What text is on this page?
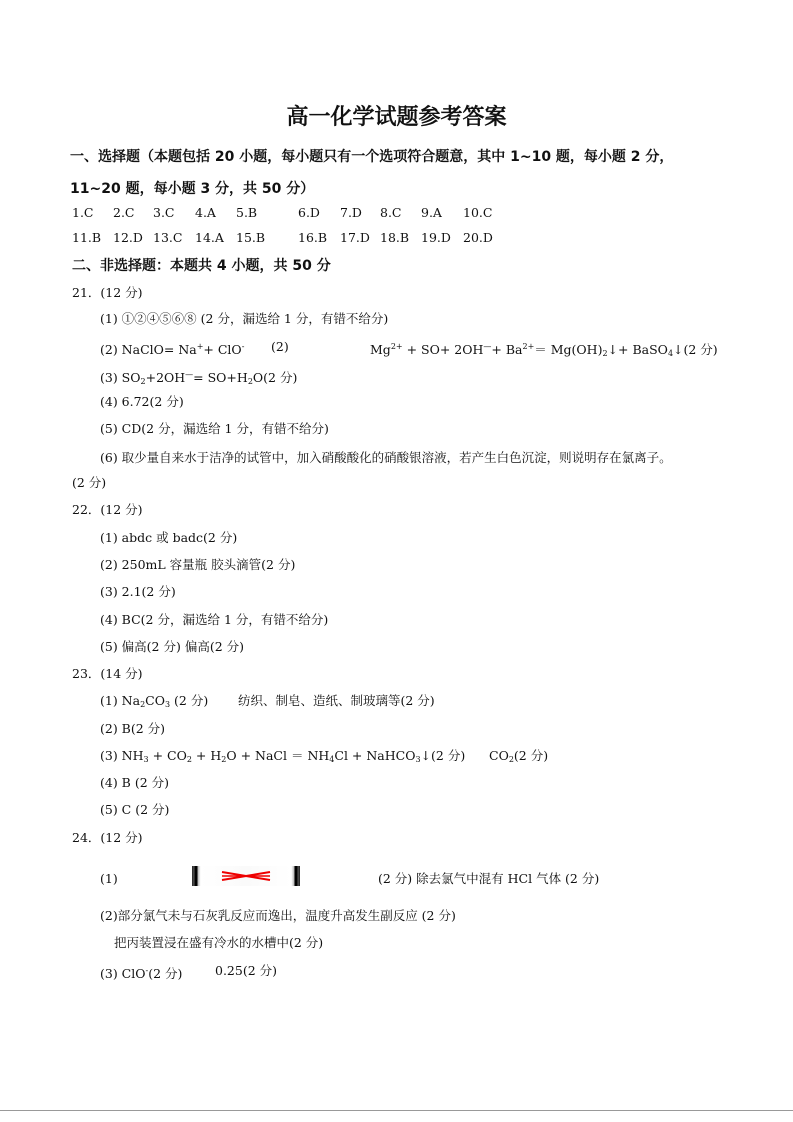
高一化学试题参考答案
一、选择题（本题包括 20 小题，每小题只有一个选项符合题意，其中 1~10 题，每小题 2 分，
11~20 题，每小题 3 分，共 50 分）
1.C 2.C 3.C 4.A 5.B	6.D 7.D 8.C 9.A 10.C
11.B 12.D 13.C 14.A 15.B	16.B 17.D 18.B 19.D 20.D
二、非选择题：本题共 4 小题，共 50 分
21．(12 分)
(1) ①②④⑤⑥⑧ (2 分，漏选给 1 分，有错不给分)
(2) NaClO= Na++ ClO- (2)	$Mg^{2+} + SO+ 2OH^—+ Ba^{2+}=$ $Mg(OH)_2↓+$ BaSO$_4$↓(2 分)
(3) $SO_2+2OH^—= SO+H_2O(2$ 分)
(4) 6.72(2 分)
(5) CD(2 分，漏选给 1 分，有错不给分)
(6) 取少量自来水于洁净的试管中，加入硝酸酸化的硝酸银溶液，若产生白色沉淀，则说明存在氯离子。
(2 分)
22．(12 分)
(1) abdc 或 badc(2 分)
(2) 250mL 容量瓶 胶头滴管(2 分)
(3) 2.1(2 分)
(4) BC(2 分，漏选给 1 分，有错不给分)
(5) 偏高(2 分) 偏高(2 分)
23．(14 分)
(1) $Na_2CO_3$ (2 分) 纺织、制皂、造纸、制玻璃等(2 分)
(2) B(2 分)
(3) $NH_3 + CO_2 + H_2O$ + NaCl ＝ $NH_4Cl$ + NaHCO$_3$↓(2 分) $CO_2(2$ 分)
(4) B (2 分)
(5) C (2 分)
24．(12 分)
(1)	(2 分) 除去氯气中混有 HCl 气体 (2 分)
(2)部分氯气未与石灰乳反应而逸出，温度升高发生副反应 (2 分)
把丙装置浸在盛有冷水的水槽中(2 分)
(3) ClO-(2 分)	0.25(2 分)
